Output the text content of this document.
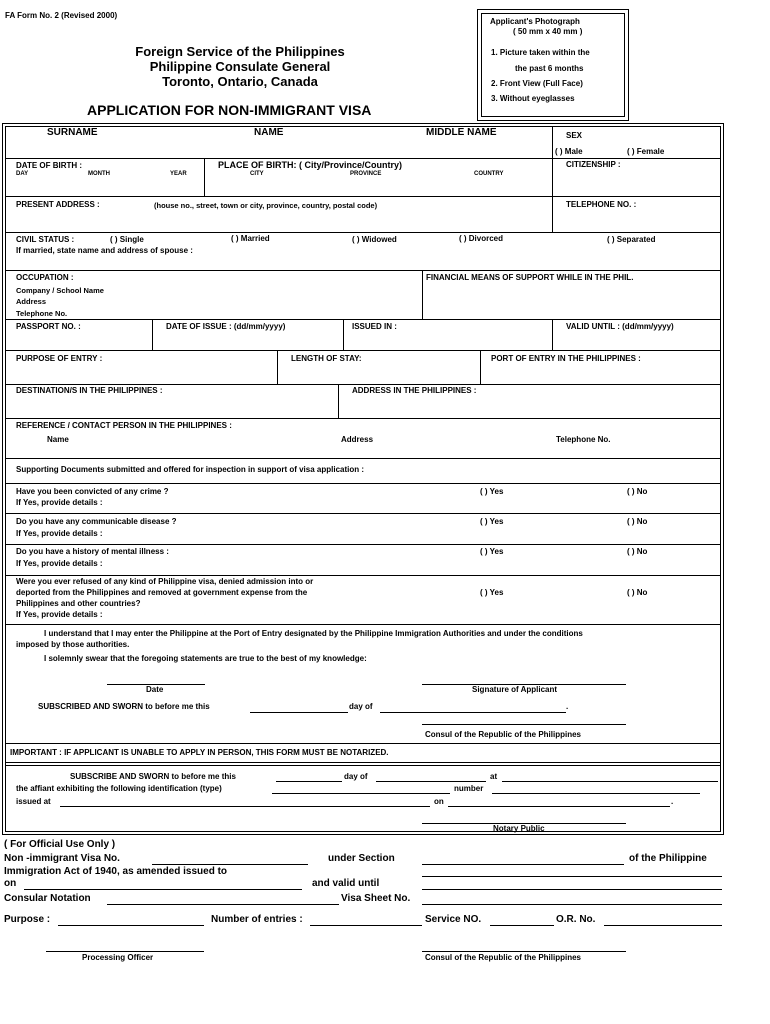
FA Form No. 2 (Revised 2000)
Foreign Service of the Philippines
Philippine Consulate General
Toronto, Ontario, Canada
APPLICATION FOR NON-IMMIGRANT VISA
Applicant's Photograph
( 50 mm x 40 mm )
1. Picture taken within the
the past 6 months
2. Front View (Full Face)
3. Without eyeglasses
SURNAME	NAME	MIDDLE NAME	SEX
( ) Male	( ) Female
DATE OF BIRTH :
DAY	MONTH	YEAR
PLACE OF BIRTH: ( City/Province/Country)
CITY	PROVINCE	COUNTRY
CITIZENSHIP :
PRESENT ADDRESS :	(house no., street, town or city, province, country, postal code)	TELEPHONE NO. :
CIVIL STATUS :	( ) Single	( ) Married	( ) Widowed	( ) Divorced	( ) Separated
If married, state name and address of spouse :
OCCUPATION :
Company / School Name
Address
Telephone No.
FINANCIAL MEANS OF SUPPORT WHILE IN THE PHIL.
PASSPORT NO. :	DATE OF ISSUE : (dd/mm/yyyy)	ISSUED IN :	VALID UNTIL : (dd/mm/yyyy)
PURPOSE OF ENTRY :	LENGTH OF STAY:	PORT OF ENTRY IN THE PHILIPPINES :
DESTINATION/S IN THE PHILIPPINES :	ADDRESS IN THE PHILIPPINES :
REFERENCE / CONTACT PERSON IN THE PHILIPPINES :
Name	Address	Telephone No.
Supporting Documents submitted and offered for inspection in support of visa application :
Have you been convicted of any crime ?
If Yes, provide details :
( ) Yes	( ) No
Do you have any communicable disease ?
If Yes, provide details :
( ) Yes	( ) No
Do you have a history of mental illness :
If Yes, provide details :
( ) Yes	( ) No
Were you ever refused of any kind of Philippine visa, denied admission into or
deported from the Philippines and removed at government expense from the
Philippines and other countries?
If Yes, provide details :
( ) Yes	( ) No
I understand that I may enter the Philippine at the Port of Entry designated by the Philippine Immigration Authorities and under the conditions
imposed by those authorities.
I solemnly swear that the foregoing statements are true to the best of my knowledge:
Date	Signature of Applicant
SUBSCRIBED AND SWORN to before me this	day of	.
Consul of the Republic of the Philippines
IMPORTANT : IF APPLICANT IS UNABLE TO APPLY IN PERSON, THIS FORM MUST BE NOTARIZED.
SUBSCRIBE AND SWORN to before me this	day of	at
the affiant exhibiting the following identification (type)	number
issued at	on	.
Notary Public
( For Official Use Only )
Non -immigrant Visa No.	under Section	of the Philippine
Immigration Act of 1940, as amended issued to
on	and valid until
Consular Notation	Visa Sheet No.
Purpose :	Number of entries :	Service NO.	O.R. No.
Processing Officer	Consul of the Republic of the Philippines
